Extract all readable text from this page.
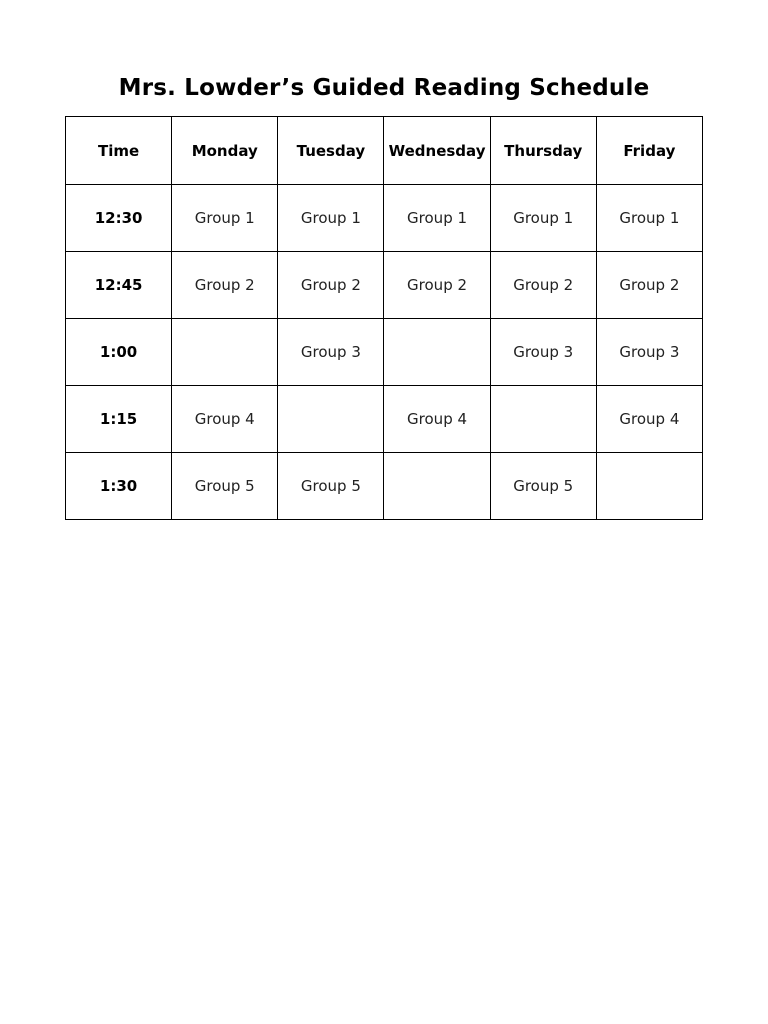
Mrs. Lowder’s Guided Reading Schedule
Time	Monday	Tuesday	Wednesday	Thursday	Friday
12:30	Group 1	Group 1	Group 1	Group 1	Group 1
12:45	Group 2	Group 2	Group 2	Group 2	Group 2
1:00		Group 3		Group 3	Group 3
1:15	Group 4		Group 4		Group 4
1:30	Group 5	Group 5		Group 5	
